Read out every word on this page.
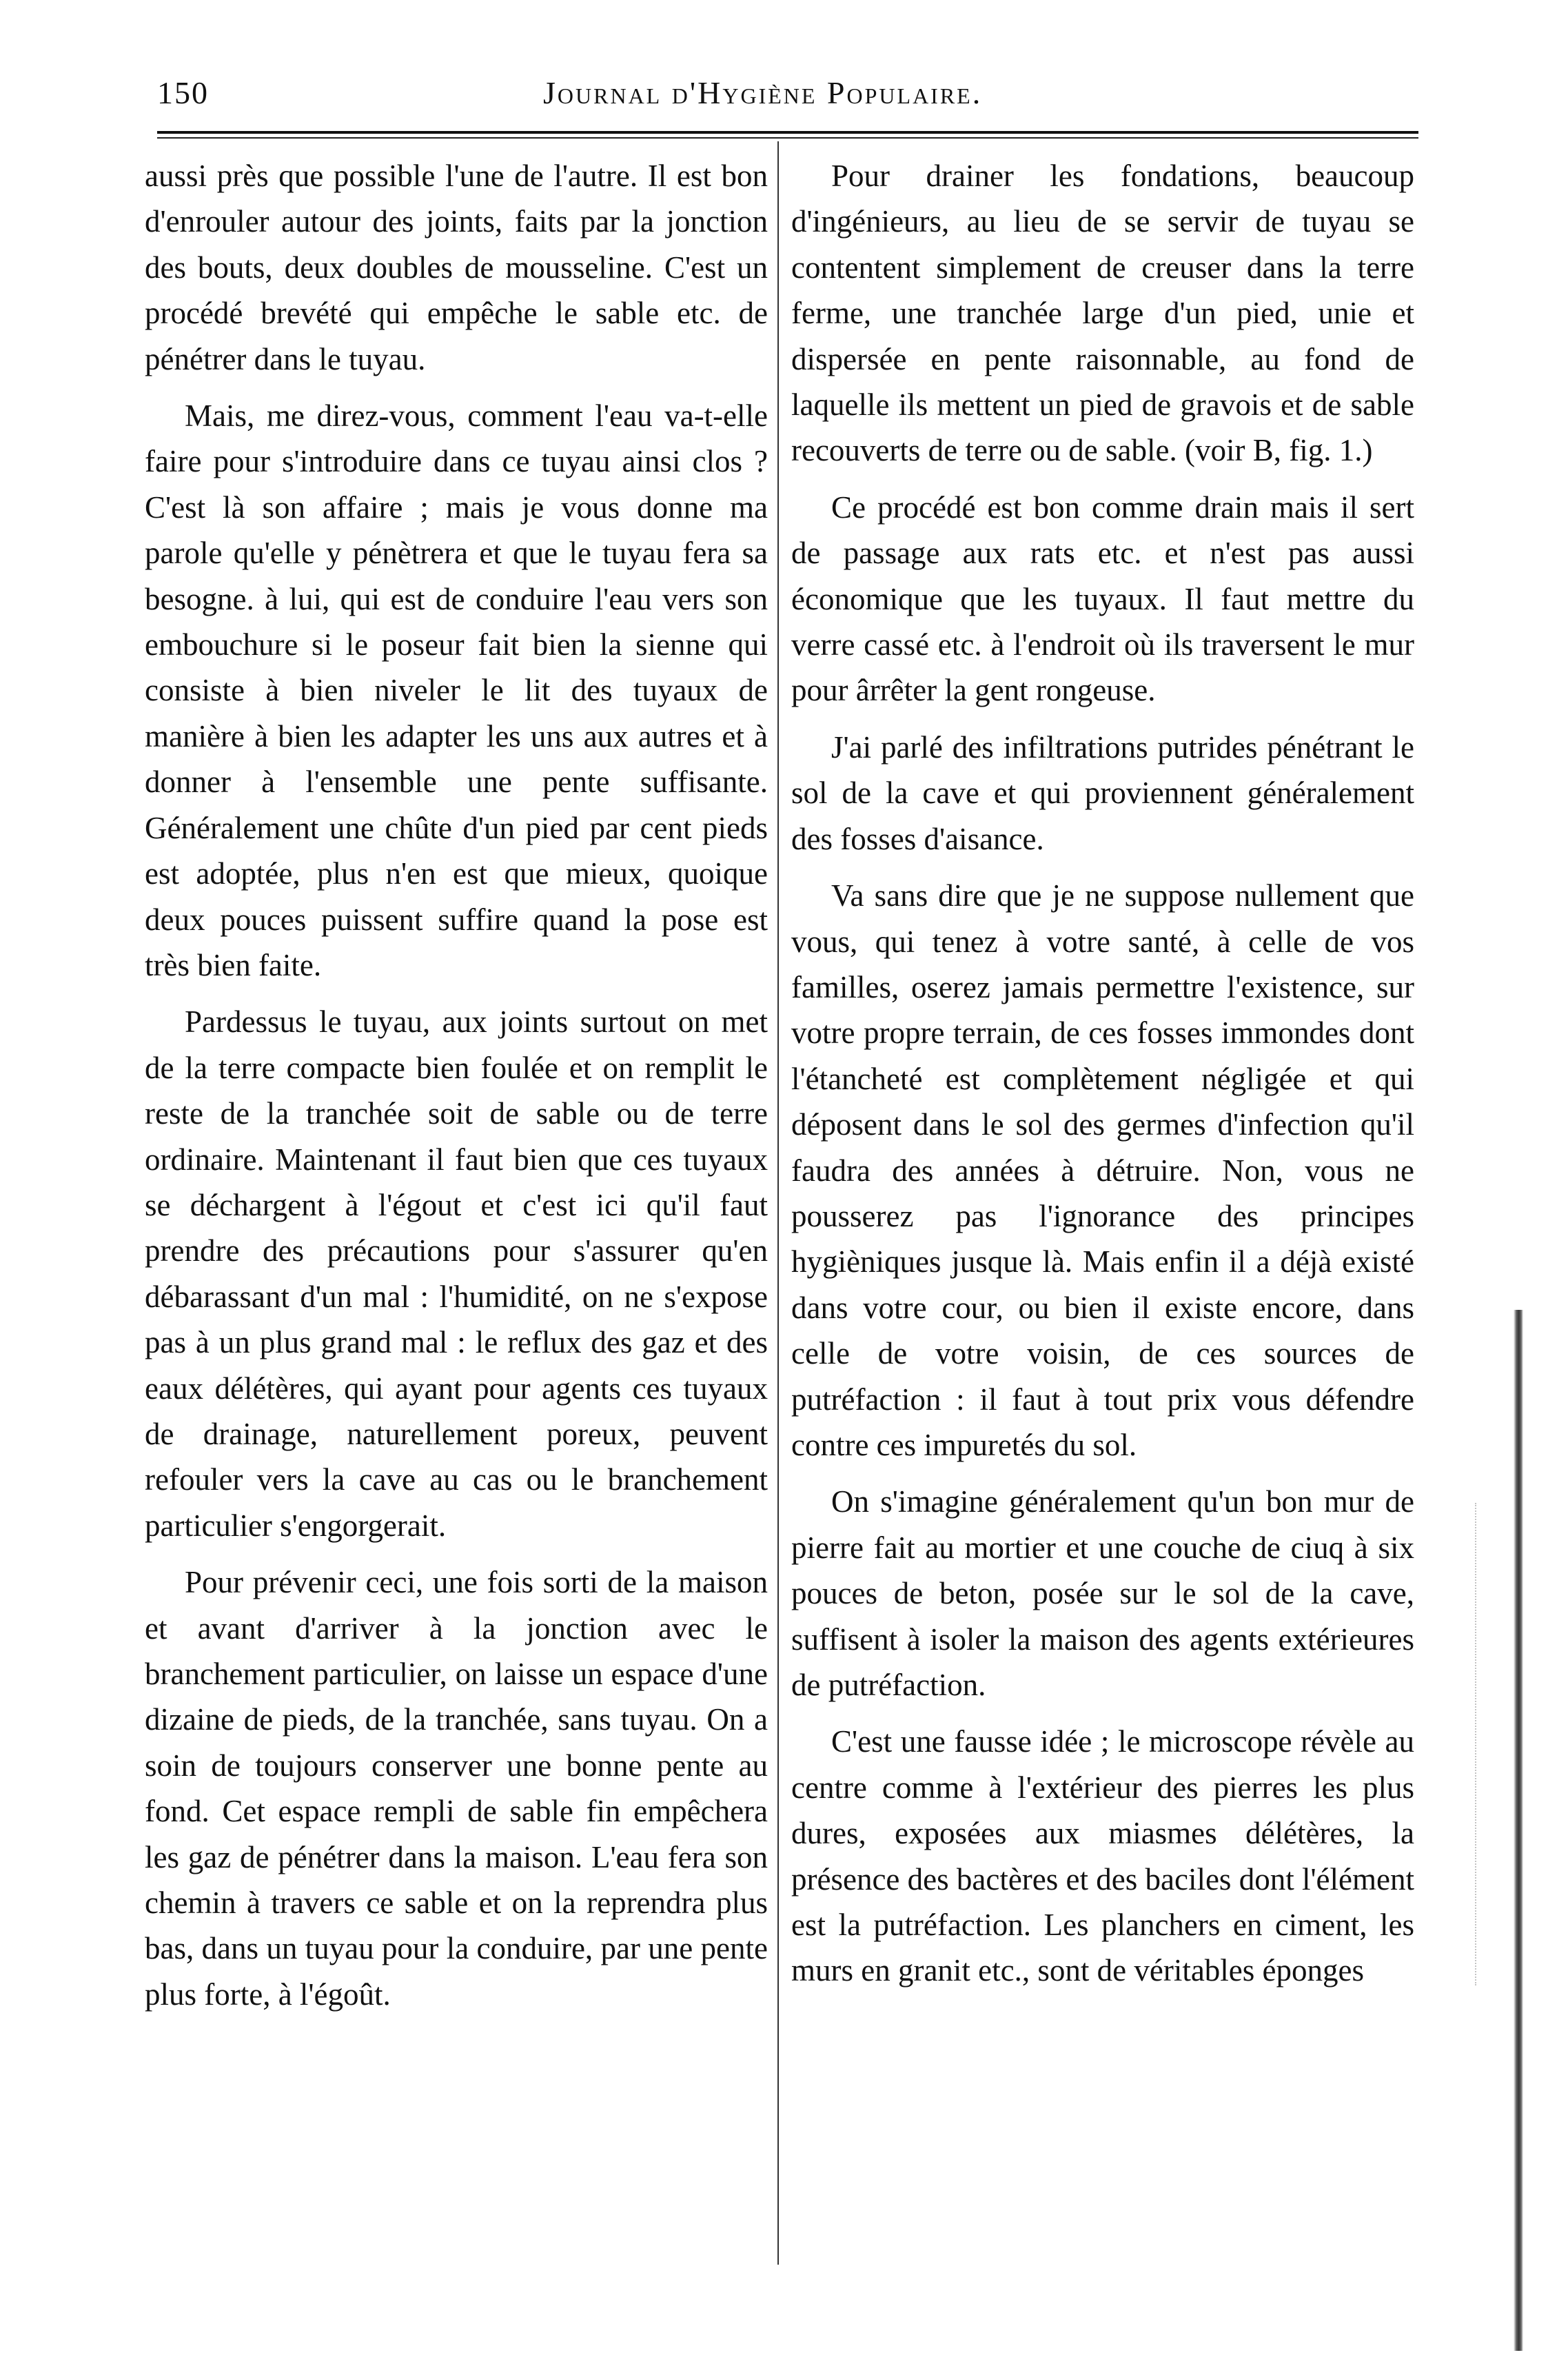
150	Journal d'Hygiène Populaire.

aussi près que possible l'une de l'autre. Il est bon d'enrouler autour des joints, faits par la jonction des bouts, deux doubles de mousseline. C'est un procédé brevété qui empêche le sable etc. de pénétrer dans le tuyau.

Mais, me direz-vous, comment l'eau va-t-elle faire pour s'introduire dans ce tuyau ainsi clos ? C'est là son affaire ; mais je vous donne ma parole qu'elle y pénètrera et que le tuyau fera sa besogne. à lui, qui est de conduire l'eau vers son embouchure si le poseur fait bien la sienne qui consiste à bien niveler le lit des tuyaux de manière à bien les adapter les uns aux autres et à donner à l'ensemble une pente suffisante. Généralement une chûte d'un pied par cent pieds est adoptée, plus n'en est que mieux, quoique deux pouces puissent suffire quand la pose est très bien faite.

Pardessus le tuyau, aux joints surtout on met de la terre compacte bien foulée et on remplit le reste de la tranchée soit de sable ou de terre ordinaire. Maintenant il faut bien que ces tuyaux se déchargent à l'égout et c'est ici qu'il faut prendre des précautions pour s'assurer qu'en débarassant d'un mal : l'humidité, on ne s'expose pas à un plus grand mal : le reflux des gaz et des eaux délétères, qui ayant pour agents ces tuyaux de drainage, naturellement poreux, peuvent refouler vers la cave au cas ou le branchement particulier s'engorgerait.

Pour prévenir ceci, une fois sorti de la maison et avant d'arriver à la jonction avec le branchement particulier, on laisse un espace d'une dizaine de pieds, de la tranchée, sans tuyau. On a soin de toujours conserver une bonne pente au fond. Cet espace rempli de sable fin empêchera les gaz de pénétrer dans la maison. L'eau fera son chemin à travers ce sable et on la reprendra plus bas, dans un tuyau pour la conduire, par une pente plus forte, à l'égoût.

Pour drainer les fondations, beaucoup d'ingénieurs, au lieu de se servir de tuyau se contentent simplement de creuser dans la terre ferme, une tranchée large d'un pied, unie et dispersée en pente raisonnable, au fond de laquelle ils mettent un pied de gravois et de sable recouverts de terre ou de sable. (voir B, fig. 1.)

Ce procédé est bon comme drain mais il sert de passage aux rats etc. et n'est pas aussi économique que les tuyaux. Il faut mettre du verre cassé etc. à l'endroit où ils traversent le mur pour ârrêter la gent rongeuse.

J'ai parlé des infiltrations putrides pénétrant le sol de la cave et qui proviennent généralement des fosses d'aisance.

Va sans dire que je ne suppose nullement que vous, qui tenez à votre santé, à celle de vos familles, oserez jamais permettre l'existence, sur votre propre terrain, de ces fosses immondes dont l'étancheté est complètement négligée et qui déposent dans le sol des germes d'infection qu'il faudra des années à détruire. Non, vous ne pousserez pas l'ignorance des principes hygièniques jusque là. Mais enfin il a déjà existé dans votre cour, ou bien il existe encore, dans celle de votre voisin, de ces sources de putréfaction : il faut à tout prix vous défendre contre ces impuretés du sol.

On s'imagine généralement qu'un bon mur de pierre fait au mortier et une couche de ciuq à six pouces de beton, posée sur le sol de la cave, suffisent à isoler la maison des agents extérieures de putréfaction.

C'est une fausse idée ; le microscope révèle au centre comme à l'extérieur des pierres les plus dures, exposées aux miasmes délétères, la présence des bactères et des baciles dont l'élément est la putréfaction. Les planchers en ciment, les murs en granit etc., sont de véritables éponges
